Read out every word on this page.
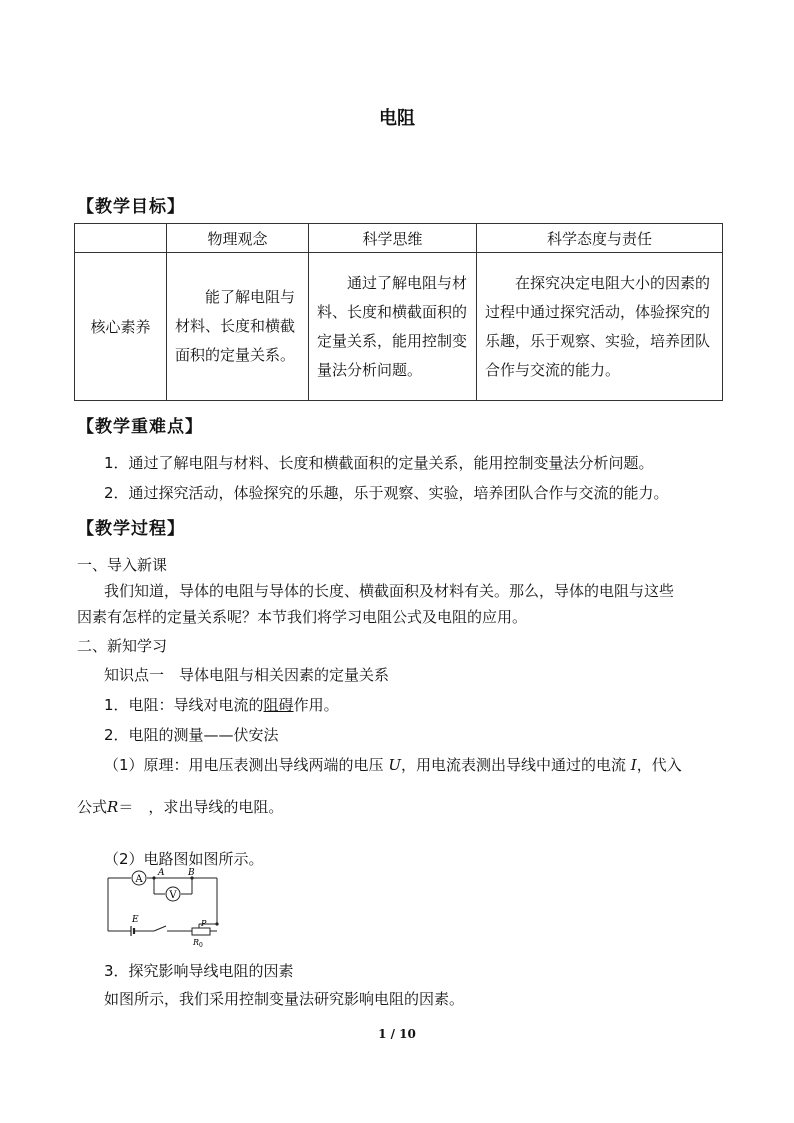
电阻
【教学目标】
	物理观念	科学思维	科学态度与责任
核心素养	能了解电阻与材料、长度和横截面积的定量关系。	通过了解电阻与材料、长度和横截面积的定量关系，能用控制变量法分析问题。	在探究决定电阻大小的因素的过程中通过探究活动，体验探究的乐趣，乐于观察、实验，培养团队合作与交流的能力。

【教学重难点】
1．通过了解电阻与材料、长度和横截面积的定量关系，能用控制变量法分析问题。
2．通过探究活动，体验探究的乐趣，乐于观察、实验，培养团队合作与交流的能力。
【教学过程】
一、导入新课
我们知道，导体的电阻与导体的长度、横截面积及材料有关。那么，导体的电阻与这些
因素有怎样的定量关系呢？本节我们将学习电阻公式及电阻的应用。
二、新知学习
知识点一　导体电阻与相关因素的定量关系
1．电阻：导线对电流的阻碍作用。
2．电阻的测量——伏安法
（1）原理：用电压表测出导线两端的电压 U，用电流表测出导线中通过的电流 I，代入
公式R＝　，求出导线的电阻。
（2）电路图如图所示。
A
V
A	B
E	P
R 0
3．探究影响导线电阻的因素
如图所示，我们采用控制变量法研究影响电阻的因素。
1 / 10
